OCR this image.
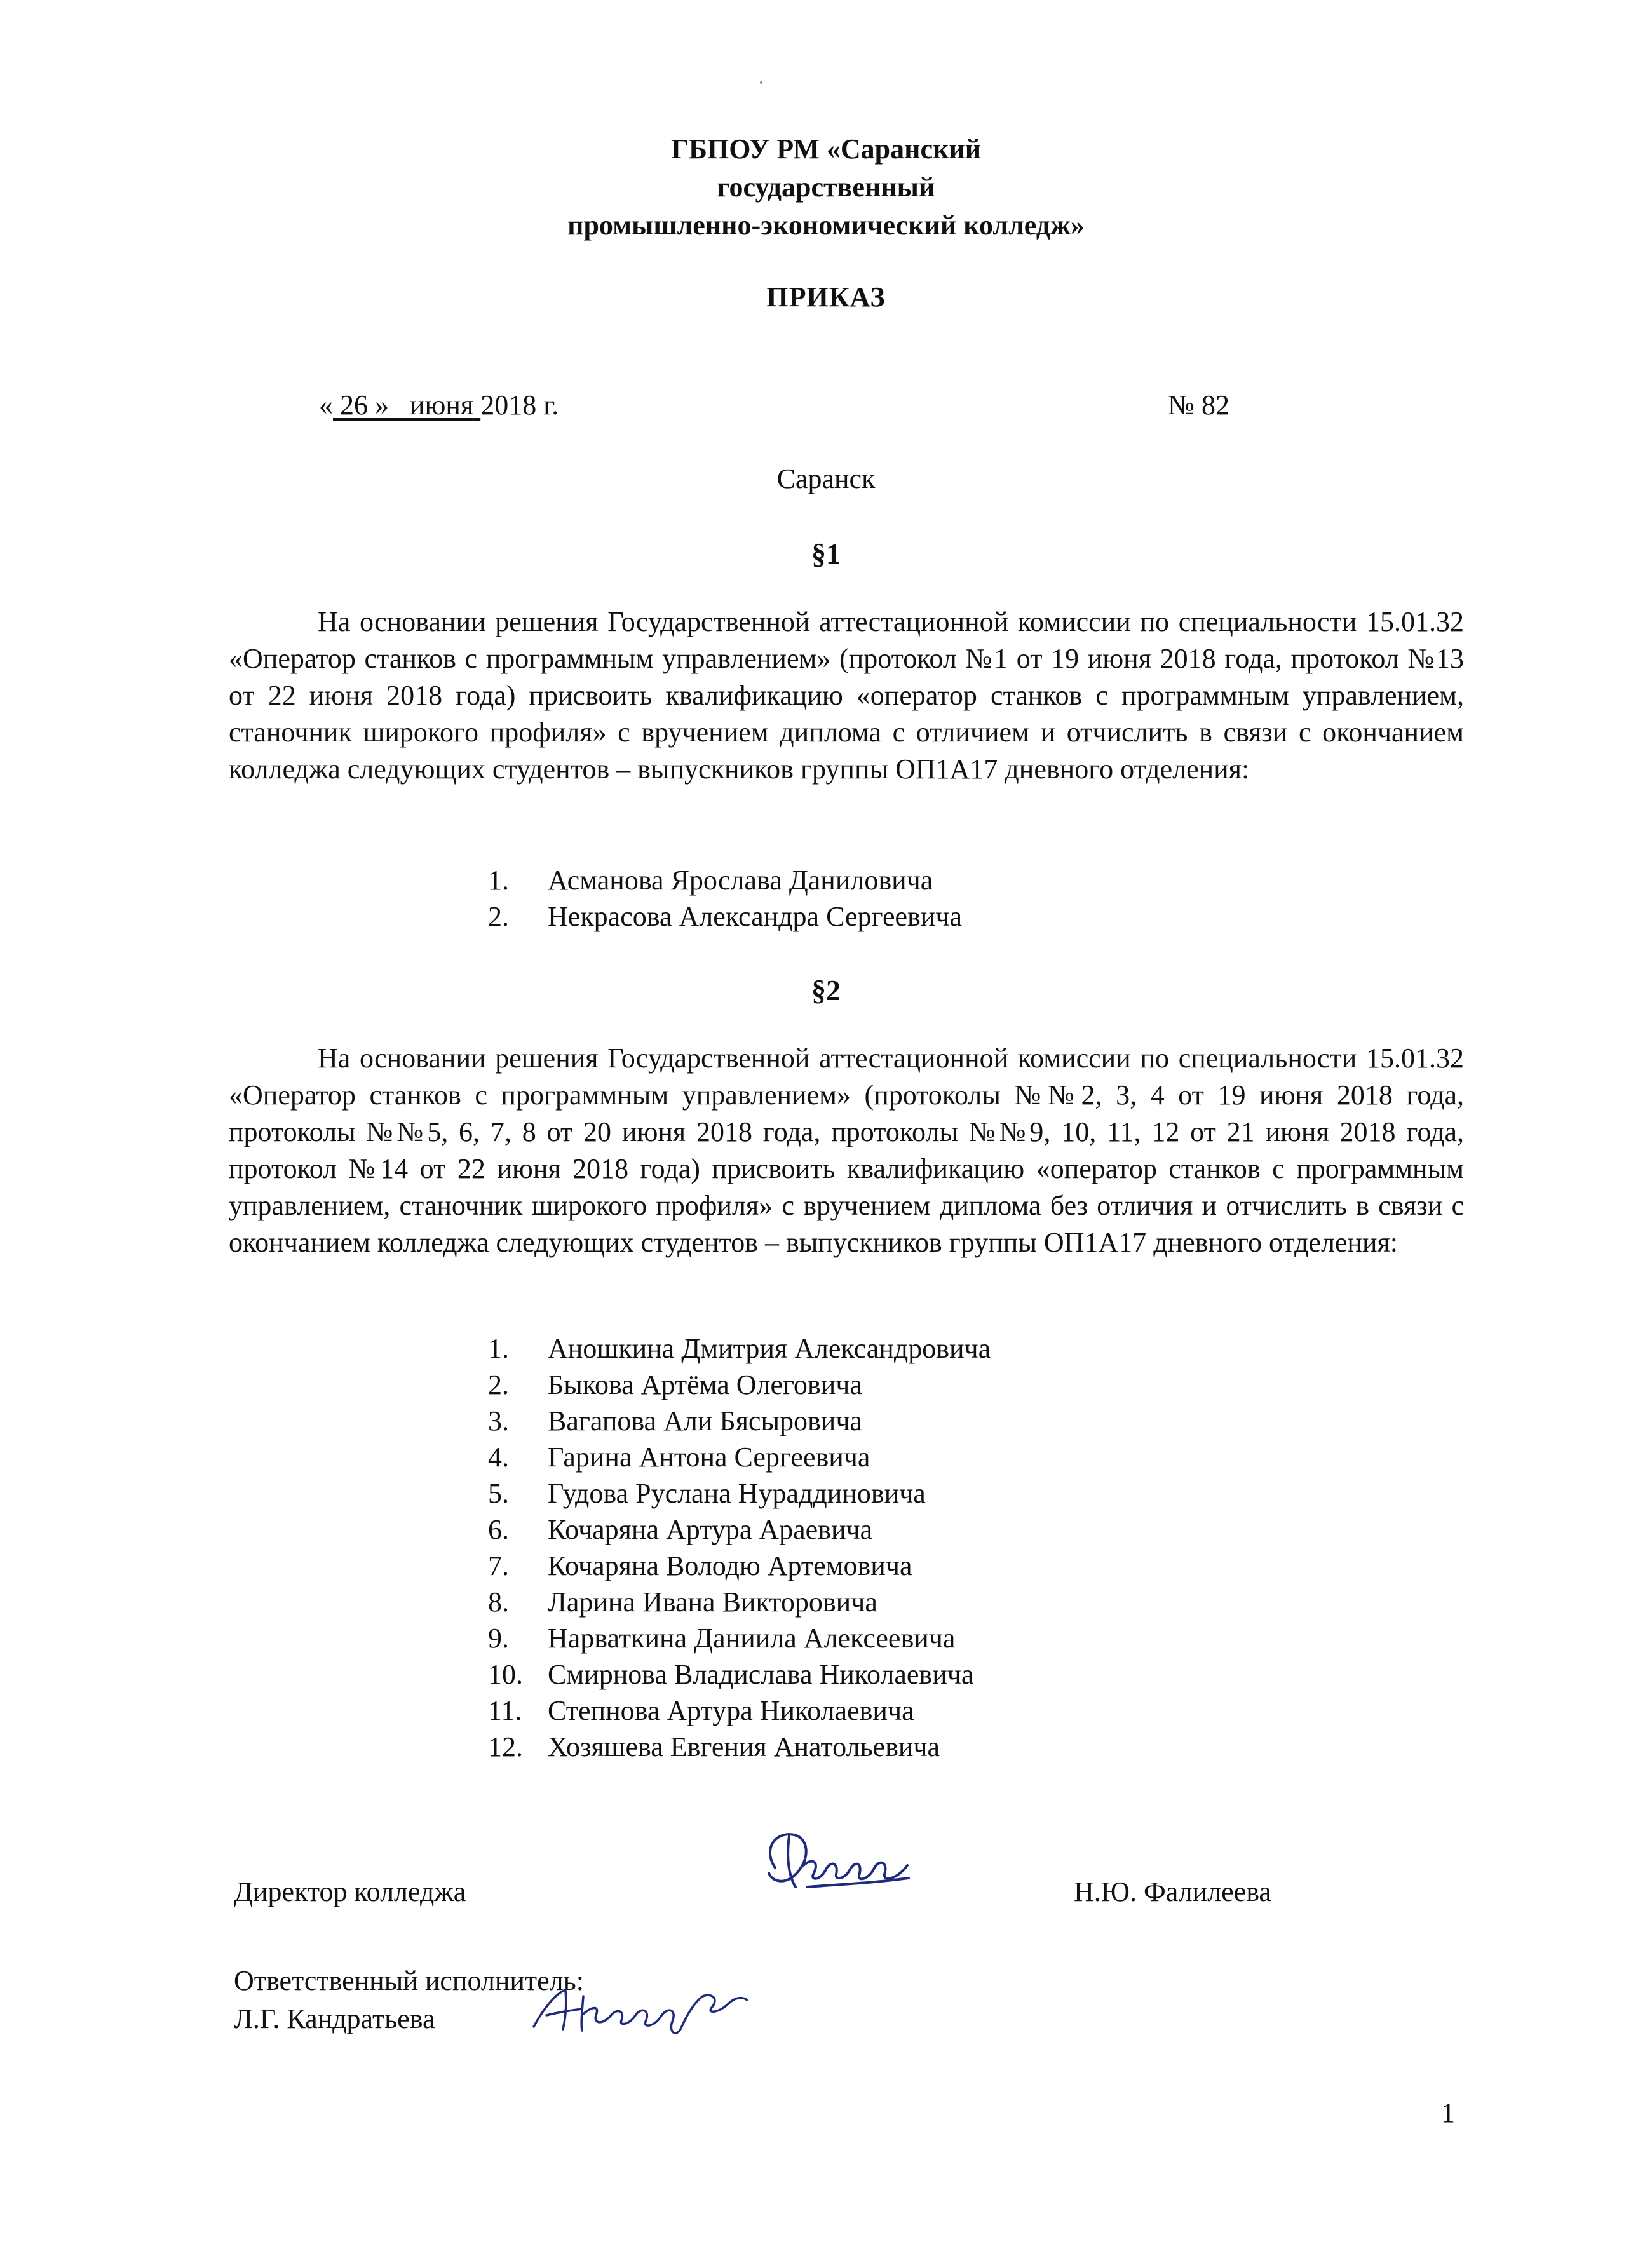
ГБПОУ РМ «Саранский
государственный
промышленно-экономический колледж»
ПРИКАЗ
« 26 » июня 2018 г.	№ 82
Саранск
§1
На основании решения Государственной аттестационной комиссии по специальности 15.01.32 «Оператор станков с программным управлением» (протокол №1 от 19 июня 2018 года, протокол №13 от 22 июня 2018 года) присвоить квалификацию «оператор станков с программным управлением, станочник широкого профиля» с вручением диплома с отличием и отчислить в связи с окончанием колледжа следующих студентов – выпускников группы ОП1А17 дневного отделения:
1.	Асманова Ярослава Даниловича
2.	Некрасова Александра Сергеевича
§2
На основании решения Государственной аттестационной комиссии по специальности 15.01.32 «Оператор станков с программным управлением» (протоколы №№2, 3, 4 от 19 июня 2018 года, протоколы №№5, 6, 7, 8 от 20 июня 2018 года, протоколы №№9, 10, 11, 12 от 21 июня 2018 года, протокол №14 от 22 июня 2018 года) присвоить квалификацию «оператор станков с программным управлением, станочник широкого профиля» с вручением диплома без отличия и отчислить в связи с окончанием колледжа следующих студентов – выпускников группы ОП1А17 дневного отделения:
1.	Аношкина Дмитрия Александровича
2.	Быкова Артёма Олеговича
3.	Вагапова Али Бясыровича
4.	Гарина Антона Сергеевича
5.	Гудова Руслана Нураддиновича
6.	Кочаряна Артура Араевича
7.	Кочаряна Володю Артемовича
8.	Ларина Ивана Викторовича
9.	Нарваткина Даниила Алексеевича
10. Смирнова Владислава Николаевича
11. Степнова Артура Николаевича
12. Хозяшева Евгения Анатольевича
Директор колледжа	Н.Ю. Фалилеева
Ответственный исполнитель:
Л.Г. Кандратьева
1
